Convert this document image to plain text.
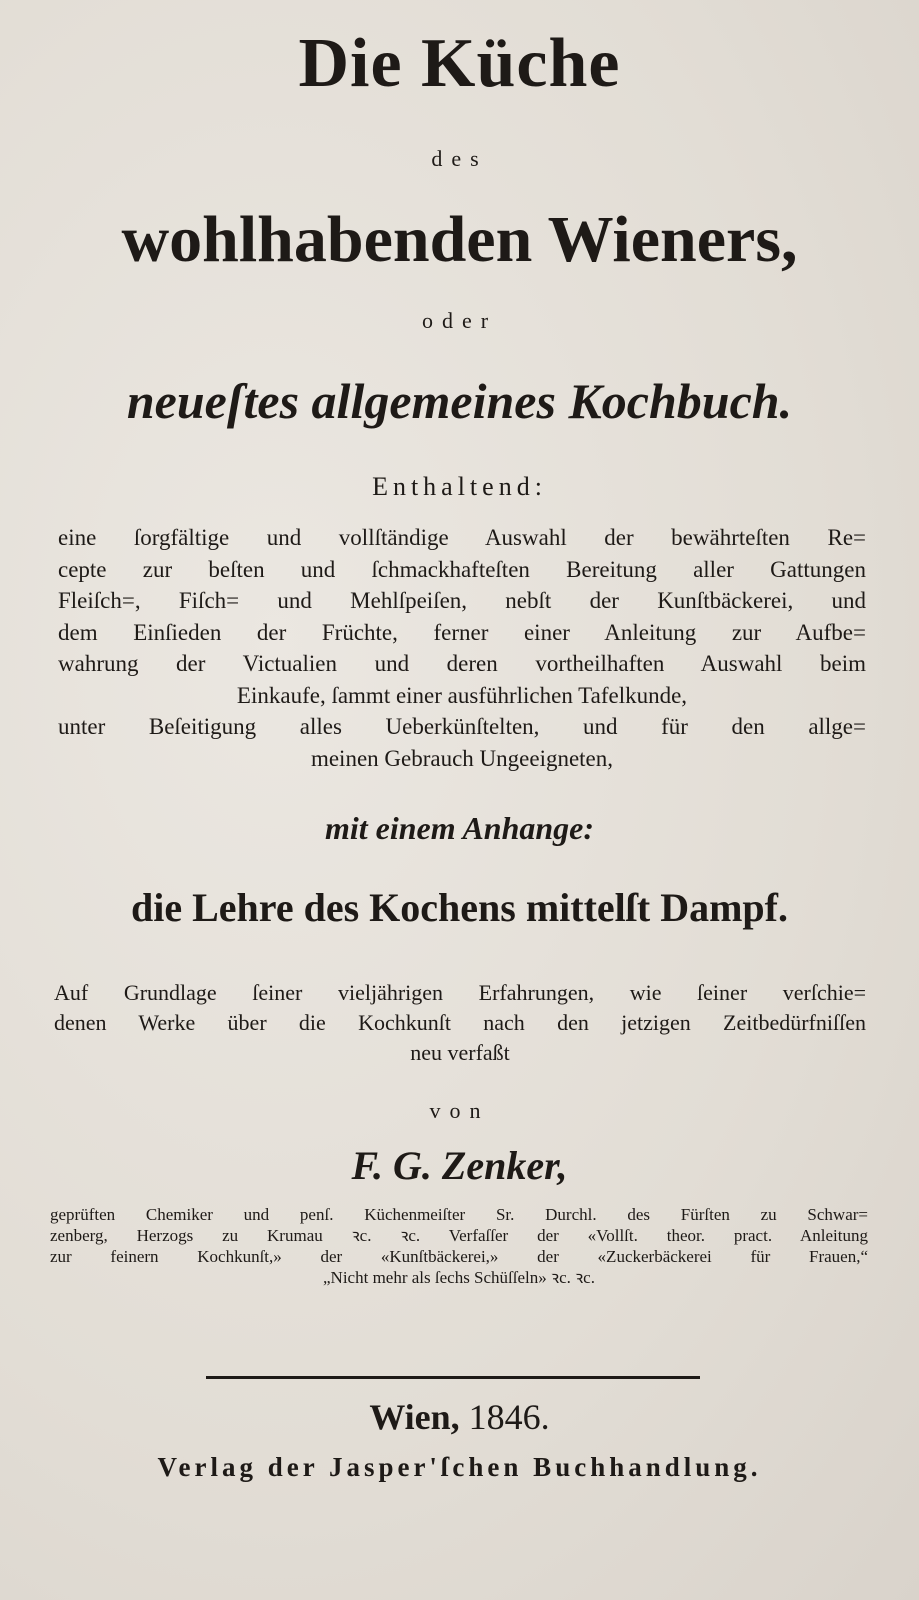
Die Küche
des
wohlhabenden Wieners,
oder
neueſtes allgemeines Kochbuch.
Enthaltend:
eine ſorgfältige und vollſtändige Auswahl der bewährteſten Re=
cepte zur beſten und ſchmackhafteſten Bereitung aller Gattungen
Fleiſch=, Fiſch= und Mehlſpeiſen, nebſt der Kunſtbäckerei, und
dem Einſieden der Früchte, ferner einer Anleitung zur Aufbe=
wahrung der Victualien und deren vortheilhaften Auswahl beim
Einkaufe, ſammt einer ausführlichen Tafelkunde,
unter Beſeitigung alles Ueberkünſtelten, und für den allge=
meinen Gebrauch Ungeeigneten,
mit einem Anhange:
die Lehre des Kochens mittelſt Dampf.
Auf Grundlage ſeiner vieljährigen Erfahrungen, wie ſeiner verſchie=
denen Werke über die Kochkunſt nach den jetzigen Zeitbedürfniſſen
neu verfaßt
von
F. G. Zenker,
geprüften Chemiker und penſ. Küchenmeiſter Sr. Durchl. des Fürſten zu Schwar=
zenberg, Herzogs zu Krumau ꝛc. ꝛc. Verfaſſer der «Vollſt. theor. pract. Anleitung
zur feinern Kochkunſt,» der «Kunſtbäckerei,» der «Zuckerbäckerei für Frauen,“
„Nicht mehr als ſechs Schüſſeln» ꝛc. ꝛc.
Wien, 1846.
Verlag der Jasper'ſchen Buchhandlung.
